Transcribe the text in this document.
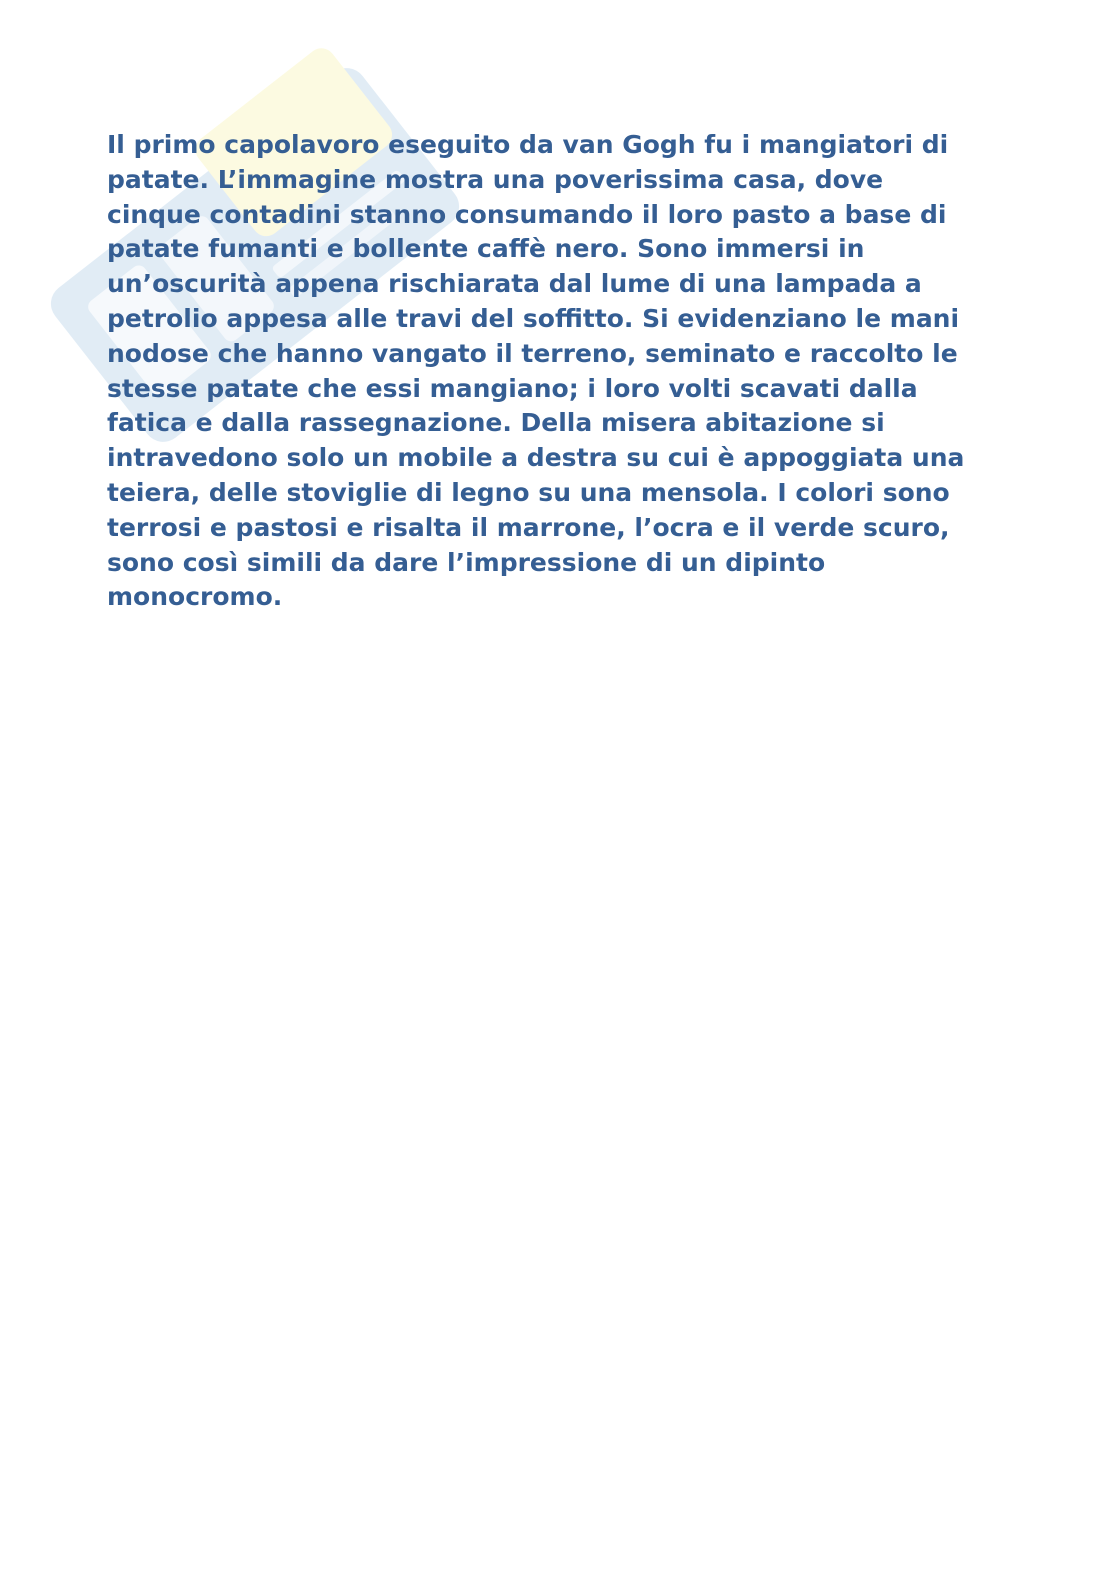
Il primo capolavoro eseguito da van Gogh fu i mangiatori di
patate. L’immagine mostra una poverissima casa, dove
cinque contadini stanno consumando il loro pasto a base di
patate fumanti e bollente caffè nero. Sono immersi in
un’oscurità appena rischiarata dal lume di una lampada a
petrolio appesa alle travi del soffitto. Si evidenziano le mani
nodose che hanno vangato il terreno, seminato e raccolto le
stesse patate che essi mangiano; i loro volti scavati dalla
fatica e dalla rassegnazione. Della misera abitazione si
intravedono solo un mobile a destra su cui è appoggiata una
teiera, delle stoviglie di legno su una mensola. I colori sono
terrosi e pastosi e risalta il marrone, l’ocra e il verde scuro,
sono così simili da dare l’impressione di un dipinto
monocromo.
